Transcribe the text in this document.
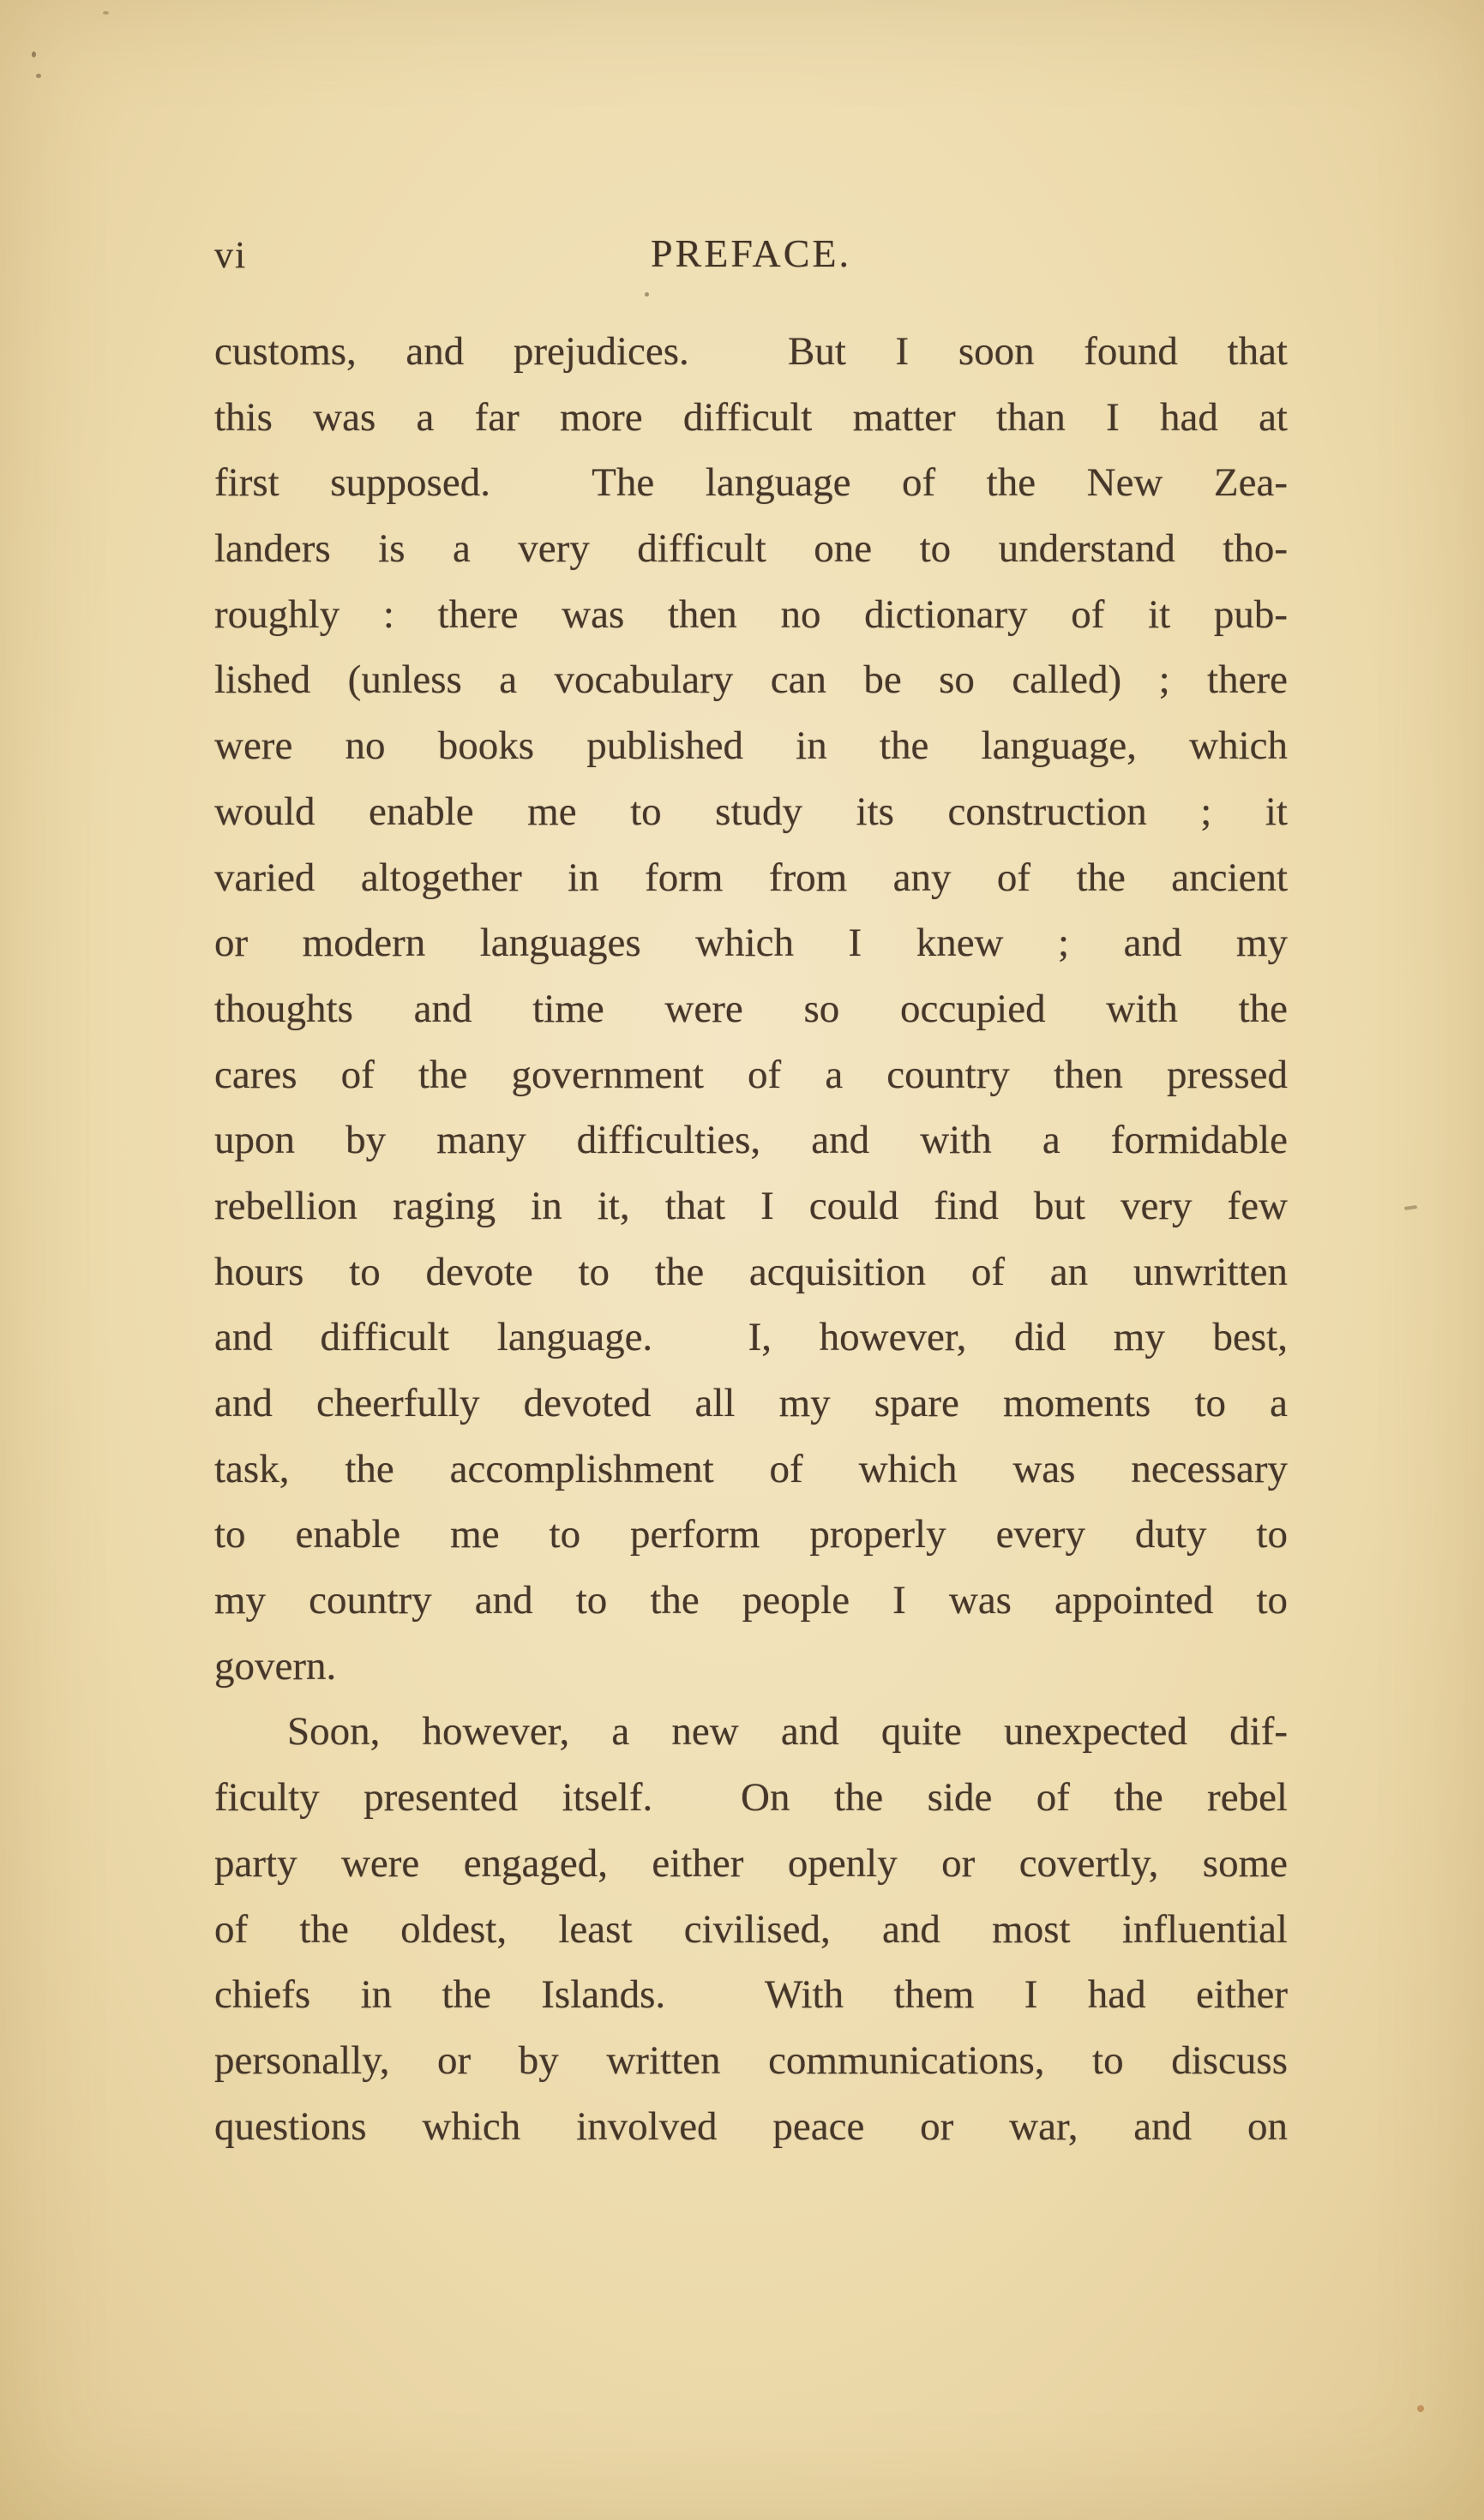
vi	PREFACE.
customs, and prejudices.  But I soon found that
this was a far more difficult matter than I had at
first supposed.  The language of the New Zea-
landers is a very difficult one to understand tho-
roughly : there was then no dictionary of it pub-
lished (unless a vocabulary can be so called) ; there
were no books published in the language, which
would enable me to study its construction ; it
varied altogether in form from any of the ancient
or modern languages which I knew ; and my
thoughts and time were so occupied with the
cares of the government of a country then pressed
upon by many difficulties, and with a formidable
rebellion raging in it, that I could find but very few
hours to devote to the acquisition of an unwritten
and difficult language.  I, however, did my best,
and cheerfully devoted all my spare moments to a
task, the accomplishment of which was necessary
to enable me to perform properly every duty to
my country and to the people I was appointed to
govern.
Soon, however, a new and quite unexpected dif-
ficulty presented itself.  On the side of the rebel
party were engaged, either openly or covertly, some
of the oldest, least civilised, and most influential
chiefs in the Islands.  With them I had either
personally, or by written communications, to discuss
questions which involved peace or war, and on
